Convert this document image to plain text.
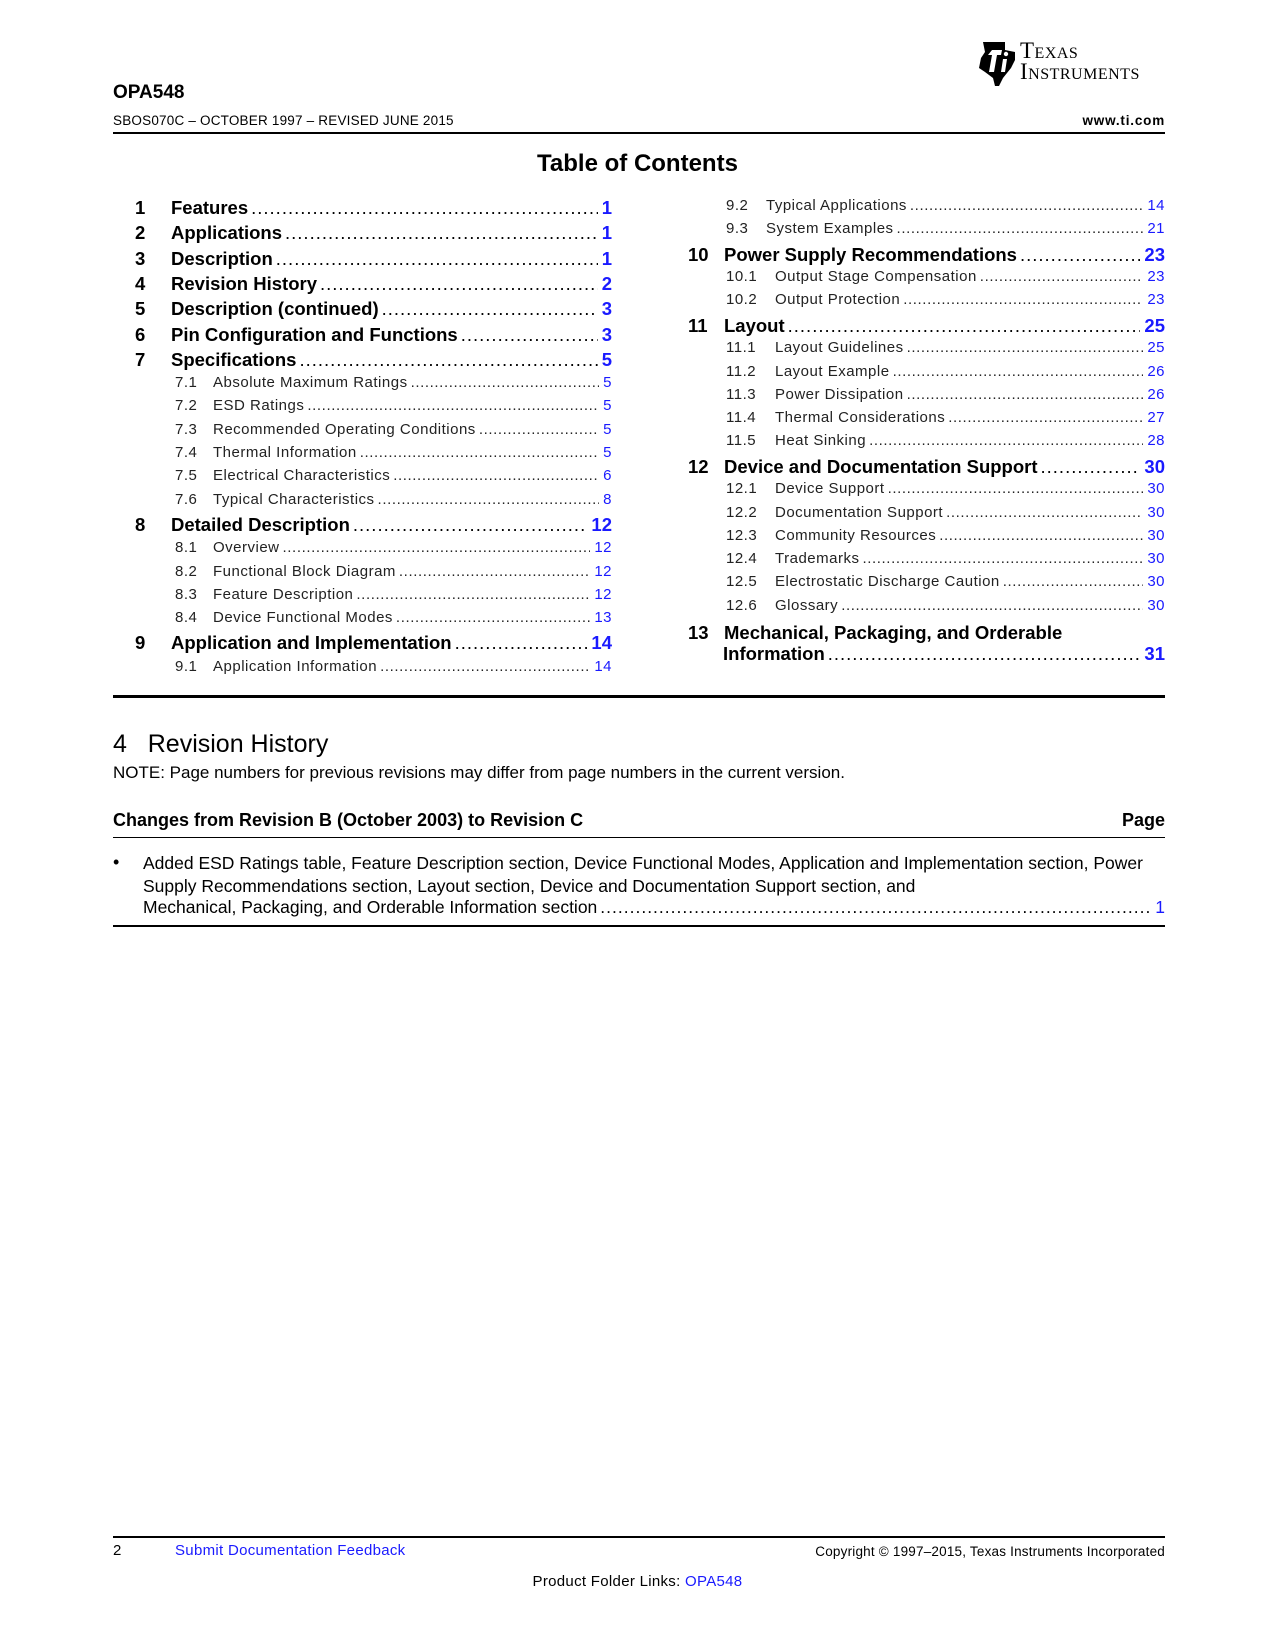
Texas
Instruments
OPA548
SBOS070C – OCTOBER 1997 – REVISED JUNE 2015	www.ti.com
Table of Contents
1	Features .....	1
2	Applications .....	1
3	Description .....	1
4	Revision History .....	2
5	Description (continued) .....	3
6	Pin Configuration and Functions .....	3
7	Specifications .....	5
7.1	Absolute Maximum Ratings .....	5
7.2	ESD Ratings .....	5
7.3	Recommended Operating Conditions .....	5
7.4	Thermal Information .....	5
7.5	Electrical Characteristics .....	6
7.6	Typical Characteristics .....	8
8	Detailed Description .....	12
8.1	Overview .....	12
8.2	Functional Block Diagram .....	12
8.3	Feature Description .....	12
8.4	Device Functional Modes .....	13
9	Application and Implementation .....	14
9.1	Application Information .....	14
9.2	Typical Applications .....	14
9.3	System Examples .....	21
10 Power Supply Recommendations .....	23
10.1	Output Stage Compensation .....	23
10.2	Output Protection .....	23
11 Layout .....	25
11.1	Layout Guidelines .....	25
11.2	Layout Example .....	26
11.3	Power Dissipation .....	26
11.4	Thermal Considerations .....	27
11.5	Heat Sinking .....	28
12 Device and Documentation Support .....	30
12.1	Device Support .....	30
12.2	Documentation Support .....	30
12.3	Community Resources .....	30
12.4	Trademarks .....	30
12.5	Electrostatic Discharge Caution .....	30
12.6	Glossary .....	30
13 Mechanical, Packaging, and Orderable
Information .....	31
4   Revision History
NOTE: Page numbers for previous revisions may differ from page numbers in the current version.
Changes from Revision B (October 2003) to Revision C	Page
• Added ESD Ratings table, Feature Description section, Device Functional Modes, Application and Implementation section, Power Supply Recommendations section, Layout section, Device and Documentation Support section, and
Mechanical, Packaging, and Orderable Information section .....	1
2	Submit Documentation Feedback	Copyright © 1997–2015, Texas Instruments Incorporated
Product Folder Links: OPA548
